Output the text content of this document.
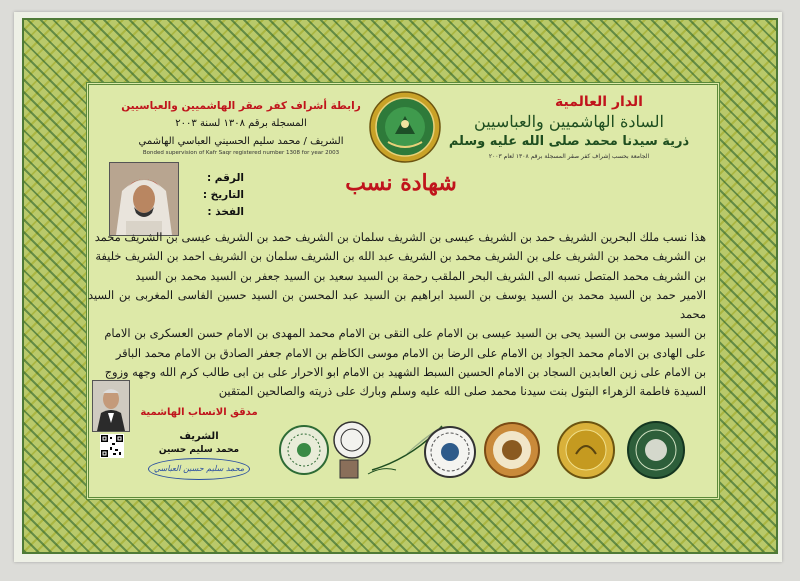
الدار العالمية
السادة الهاشميين والعباسيين
ذرية سيدنا محمد صلى الله عليه وسلم
الجامعة بحسب إشراف كفر صقر المسجلة برقم ١٣٠٨ لعام ٢٠٠٣
رابطة أشراف كفر صقر الهاشميين والعباسيين
المسجلة برقم ١٣٠٨ لسنة ٢٠٠٣
الشريف / محمد سليم الحسيني العباسي الهاشمي
Bonded supervision of Kafr Saqr registered number 1308 for year 2003
شهادة نسب
الرقم :
التاريخ :
الفخذ :
هذا نسب ملك البحرين الشريف حمد بن الشريف عيسى بن الشريف سلمان بن الشريف حمد بن الشريف عيسى بن الشريف محمد
بن الشريف محمد بن الشريف على بن الشريف محمد بن الشريف عبد الله بن الشريف سلمان بن الشريف احمد بن الشريف خليفة
بن الشريف محمد المتصل نسبه الى الشريف البحر الملقب رحمة بن السيد سعيد بن السيد جعفر بن السيد محمد بن السيد
الامير حمد بن السيد محمد بن السيد يوسف بن السيد ابراهيم بن السيد عبد المحسن بن السيد حسين الفاسى المغربى بن السيد محمد
بن السيد موسى بن السيد يحى بن السيد عيسى بن الامام على النقى بن الامام محمد المهدى بن الامام حسن العسكرى بن الامام
على الهادى بن الامام محمد الجواد بن الامام على الرضا بن الامام موسى الكاظم بن الامام جعفر الصادق بن الامام محمد الباقر
بن الامام على زين العابدين السجاد بن الامام الحسين السبط الشهيد بن الامام ابو الاحرار على بن ابى طالب كرم الله وجهه وزوج
السيدة فاطمة الزهراء البتول بنت سيدنا محمد صلى الله عليه وسلم وبارك على ذريته والصالحين المتقين
مدقق الانساب الهاشمية
الشريف
محمد سليم حسين
محمد سليم حسين العباسي
